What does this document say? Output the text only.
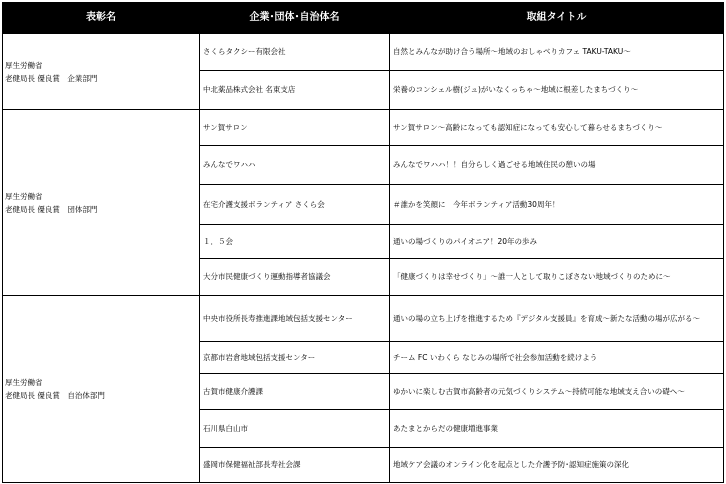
表彰名	企業･団体･自治体名	取組タイトル

厚生労働省
老健局長 優良賞　企業部門	さくらタクシー有限会社	自然とみんなが助け合う場所～地域のおしゃべりカフェ TAKU-TAKU～
	中北薬品株式会社 名東支店	栄養のコンシェル樹(ジュ)がいなくっちゃ～地域に根差したまちづくり～

厚生労働省
老健局長 優良賞　団体部門	サン賀サロン	サン賀サロン～高齢になっても認知症になっても安心して暮らせるまちづくり～
	みんなでワハハ	みんなでワハハ！！自分らしく過ごせる地域住民の憩いの場
	在宅介護支援ボランティア さくら会	＃誰かを笑顔に　今年ボランティア活動30周年！
	１．５会	通いの場づくりのパイオニア！20年の歩み
	大分市民健康づくり運動指導者協議会	「健康づくりは幸せづくり」～誰一人として取りこぼさない地域づくりのために～

厚生労働省
老健局長 優良賞　自治体部門	中央市役所長寿推進課地域包括支援センター	通いの場の立ち上げを推進するため『デジタル支援員』を育成～新たな活動の場が広がる～
	京都市岩倉地域包括支援センター	チーム FC いわくら なじみの場所で社会参加活動を続けよう
	古賀市健康介護課	ゆかいに楽しむ古賀市高齢者の元気づくりシステム～持続可能な地域支え合いの礎へ～
	石川県白山市	あたまとからだの健康増進事業
	盛岡市保健福祉部長寿社会課	地域ケア会議のオンライン化を起点とした介護予防･認知症施策の深化
